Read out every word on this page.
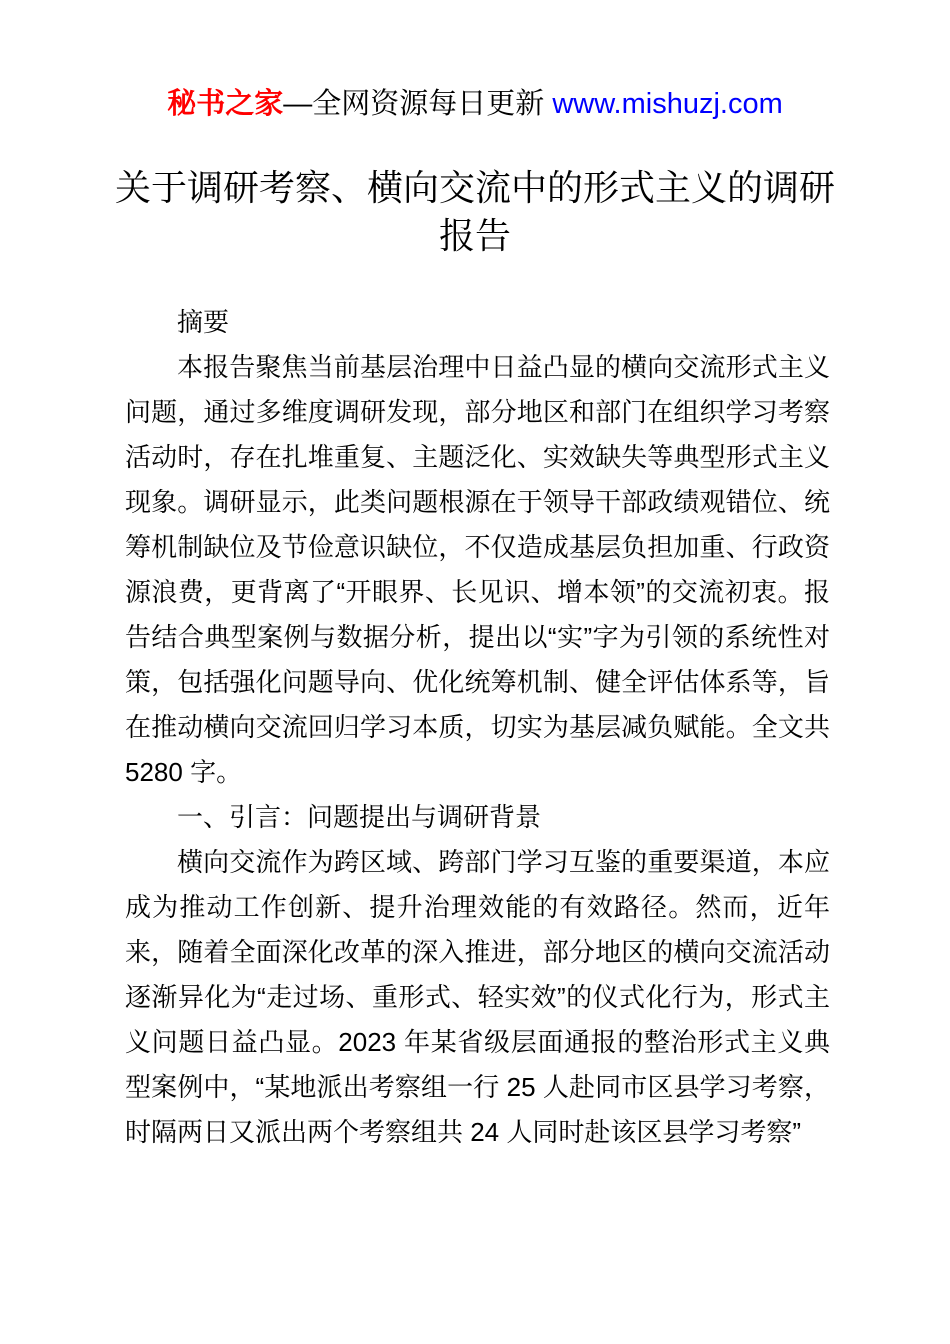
秘书之家—全网资源每日更新 www.mishuzj.com
关于调研考察、横向交流中的形式主义的调研报告

摘要

本报告聚焦当前基层治理中日益凸显的横向交流形式主义问题，通过多维度调研发现，部分地区和部门在组织学习考察活动时，存在扎堆重复、主题泛化、实效缺失等典型形式主义现象。调研显示，此类问题根源在于领导干部政绩观错位、统筹机制缺位及节俭意识缺位，不仅造成基层负担加重、行政资源浪费，更背离了“开眼界、长见识、增本领”的交流初衷。报告结合典型案例与数据分析，提出以“实”字为引领的系统性对策，包括强化问题导向、优化统筹机制、健全评估体系等，旨在推动横向交流回归学习本质，切实为基层减负赋能。全文共 5280 字。

一、引言：问题提出与调研背景

横向交流作为跨区域、跨部门学习互鉴的重要渠道，本应成为推动工作创新、提升治理效能的有效路径。然而，近年来，随着全面深化改革的深入推进，部分地区的横向交流活动逐渐异化为“走过场、重形式、轻实效”的仪式化行为，形式主义问题日益凸显。2023 年某省级层面通报的整治形式主义典型案例中，“某地派出考察组一行 25 人赴同市区县学习考察，时隔两日又派出两个考察组共 24 人同时赴该区县学习考察”
